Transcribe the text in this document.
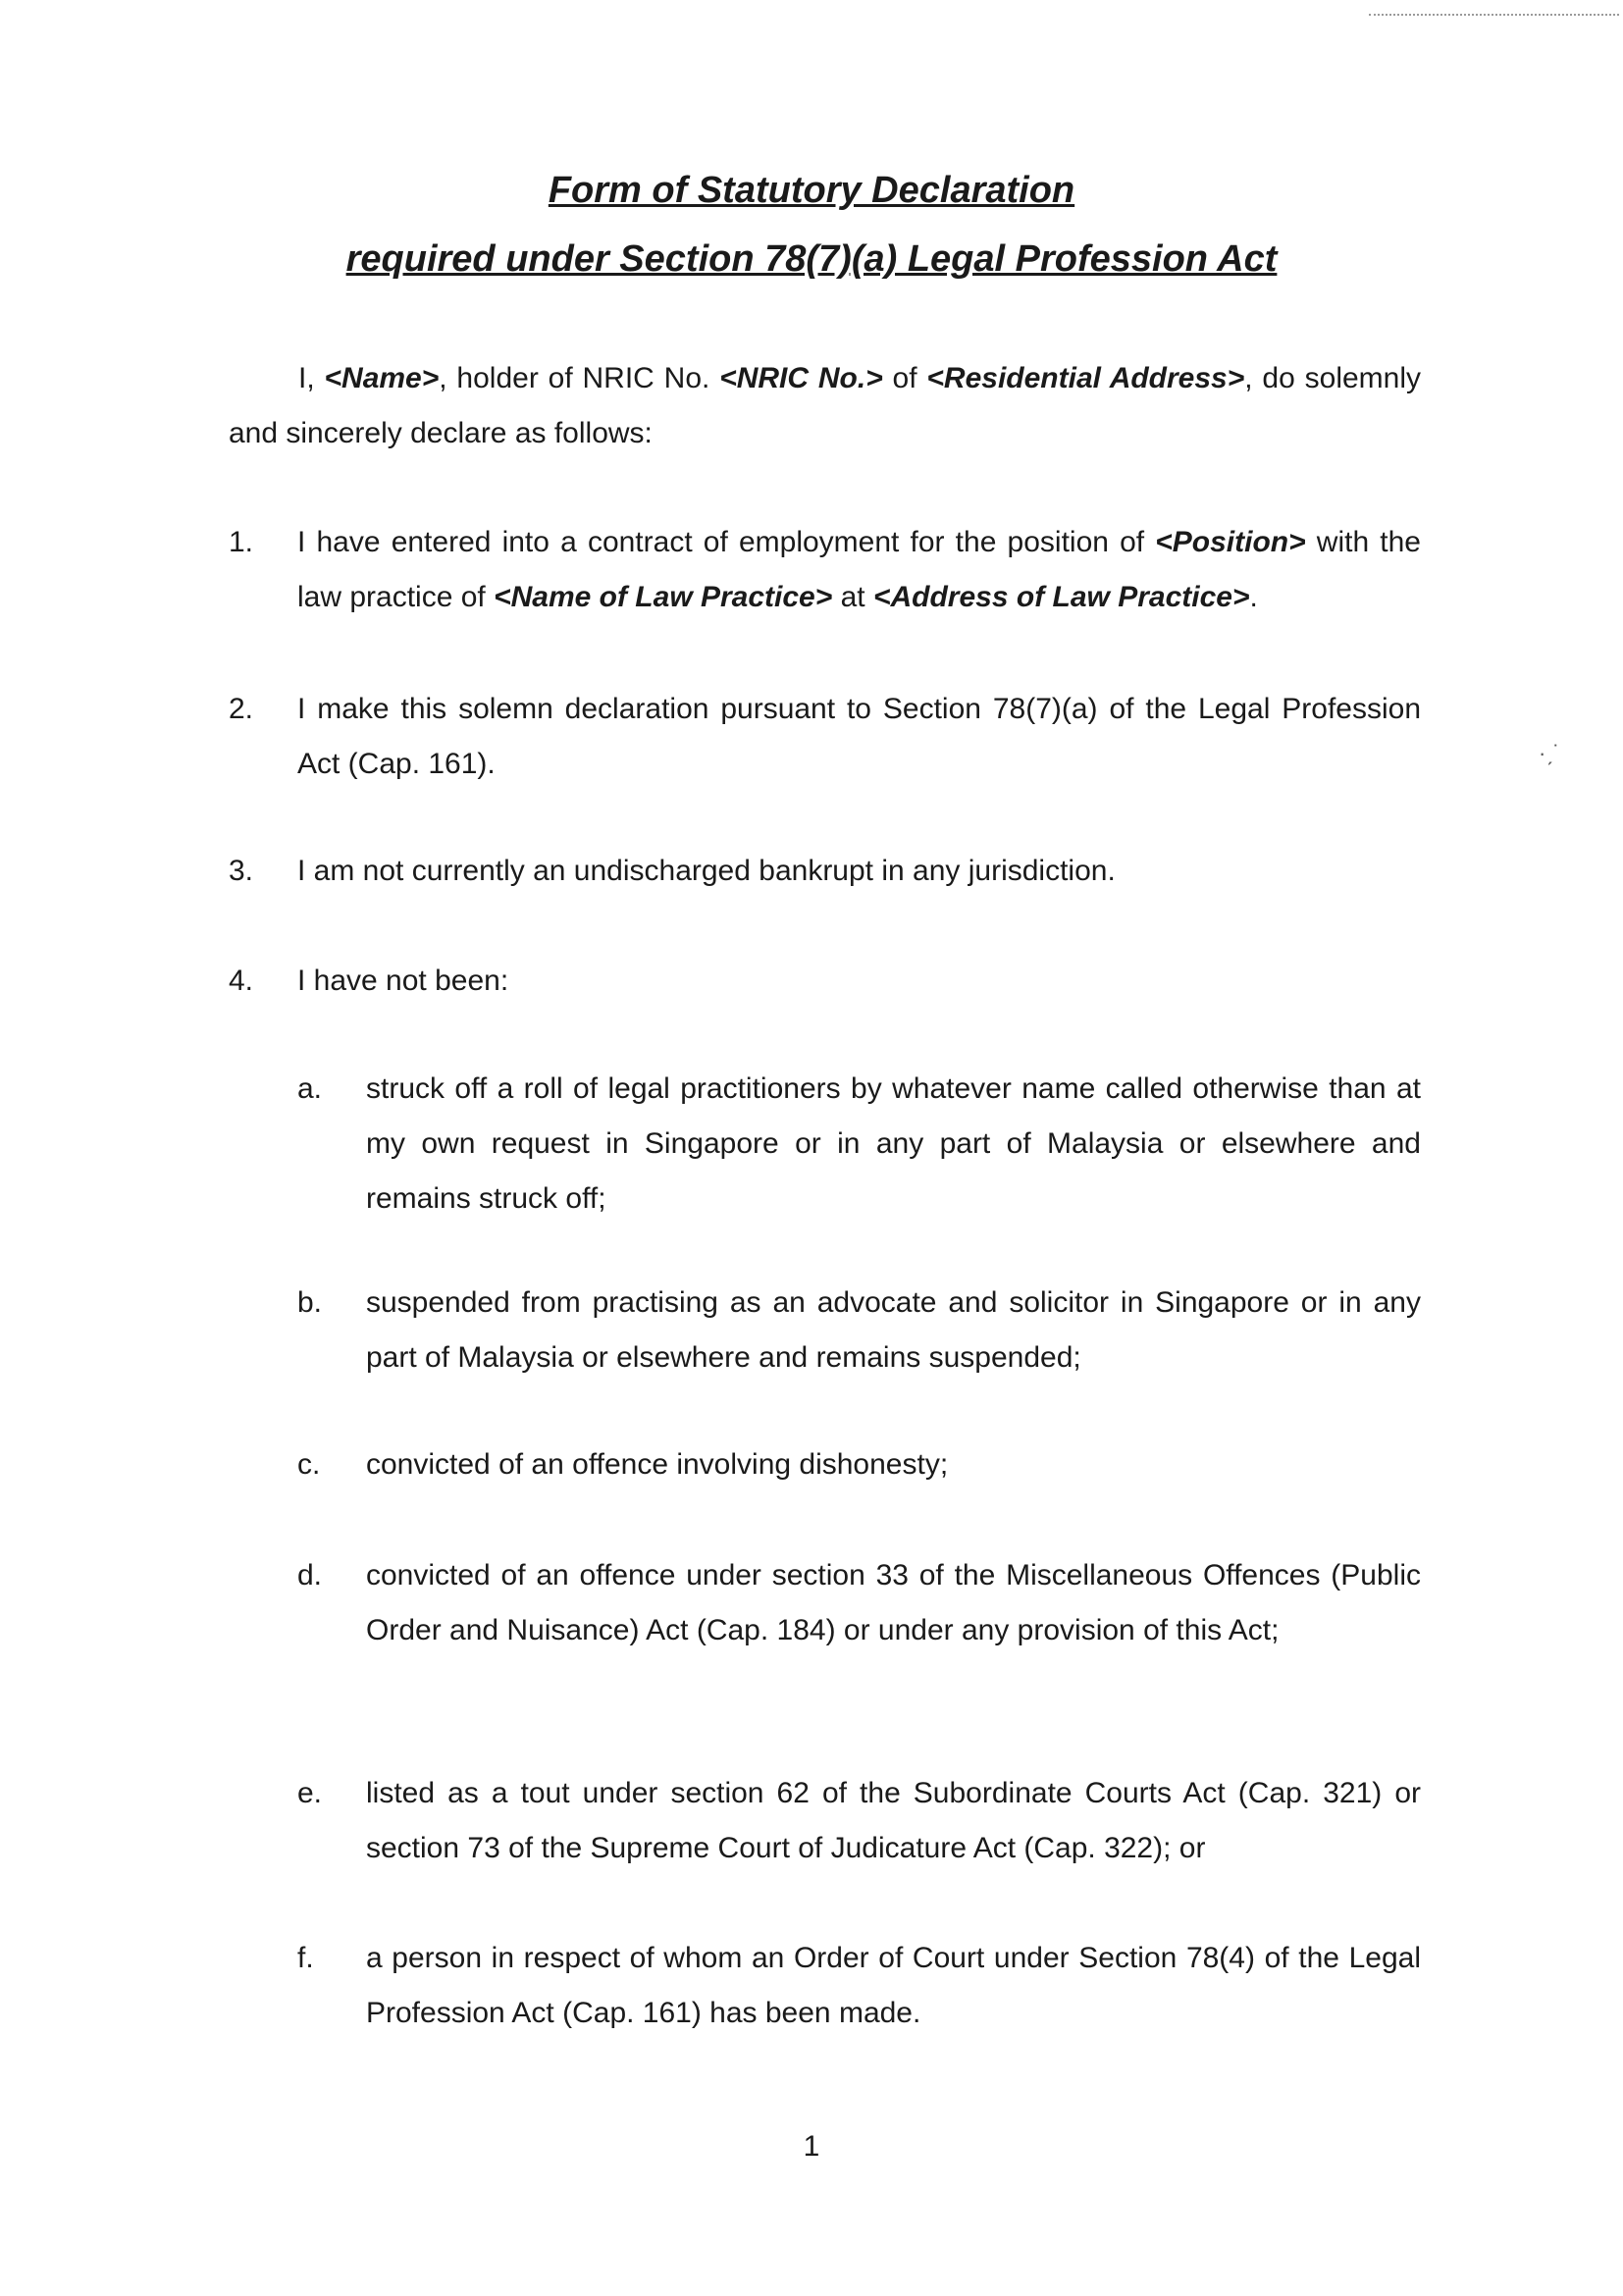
·ˏ˙
Form of Statutory Declaration
required under Section 78(7)(a) Legal Profession Act
I, <Name>, holder of NRIC No. <NRIC No.> of <Residential Address>, do solemnly and sincerely declare as follows:
1. I have entered into a contract of employment for the position of <Position> with the law practice of <Name of Law Practice> at <Address of Law Practice>.
2. I make this solemn declaration pursuant to Section 78(7)(a) of the Legal Profession Act (Cap. 161).
3. I am not currently an undischarged bankrupt in any jurisdiction.
4. I have not been:
a. struck off a roll of legal practitioners by whatever name called otherwise than at my own request in Singapore or in any part of Malaysia or elsewhere and remains struck off;
b. suspended from practising as an advocate and solicitor in Singapore or in any part of Malaysia or elsewhere and remains suspended;
c. convicted of an offence involving dishonesty;
d. convicted of an offence under section 33 of the Miscellaneous Offences (Public Order and Nuisance) Act (Cap. 184) or under any provision of this Act;
e. listed as a tout under section 62 of the Subordinate Courts Act (Cap. 321) or section 73 of the Supreme Court of Judicature Act (Cap. 322); or
f. a person in respect of whom an Order of Court under Section 78(4) of the Legal Profession Act (Cap. 161) has been made.
1
